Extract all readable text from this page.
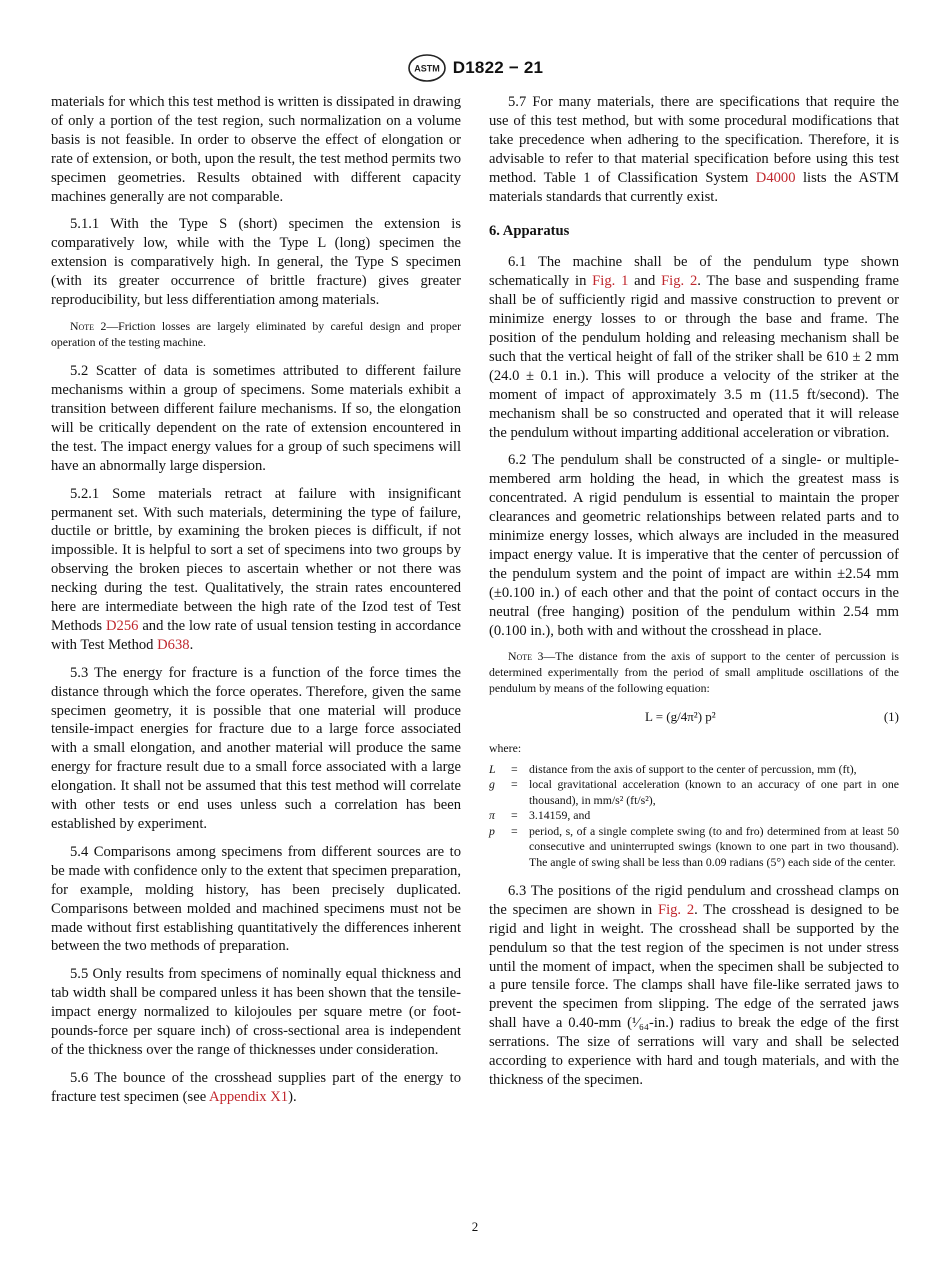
ASTM D1822 − 21

materials for which this test method is written is dissipated in drawing of only a portion of the test region, such normalization on a volume basis is not feasible. In order to observe the effect of elongation or rate of extension, or both, upon the result, the test method permits two specimen geometries. Results obtained with different capacity machines generally are not comparable.

5.1.1 With the Type S (short) specimen the extension is comparatively low, while with the Type L (long) specimen the extension is comparatively high. In general, the Type S specimen (with its greater occurrence of brittle fracture) gives greater reproducibility, but less differentiation among materials.

Note 2—Friction losses are largely eliminated by careful design and proper operation of the testing machine.

5.2 Scatter of data is sometimes attributed to different failure mechanisms within a group of specimens. Some materials exhibit a transition between different failure mechanisms. If so, the elongation will be critically dependent on the rate of extension encountered in the test. The impact energy values for a group of such specimens will have an abnormally large dispersion.

5.2.1 Some materials retract at failure with insignificant permanent set. With such materials, determining the type of failure, ductile or brittle, by examining the broken pieces is difficult, if not impossible. It is helpful to sort a set of specimens into two groups by observing the broken pieces to ascertain whether or not there was necking during the test. Qualitatively, the strain rates encountered here are intermediate between the high rate of the Izod test of Test Methods D256 and the low rate of usual tension testing in accordance with Test Method D638.

5.3 The energy for fracture is a function of the force times the distance through which the force operates. Therefore, given the same specimen geometry, it is possible that one material will produce tensile-impact energies for fracture due to a large force associated with a small elongation, and another material will produce the same energy for fracture result due to a small force associated with a large elongation. It shall not be assumed that this test method will correlate with other tests or end uses unless such a correlation has been established by experiment.

5.4 Comparisons among specimens from different sources are to be made with confidence only to the extent that specimen preparation, for example, molding history, has been precisely duplicated. Comparisons between molded and machined specimens must not be made without first establishing quantitatively the differences inherent between the two methods of preparation.

5.5 Only results from specimens of nominally equal thickness and tab width shall be compared unless it has been shown that the tensile-impact energy normalized to kilojoules per square metre (or foot-pounds-force per square inch) of cross-sectional area is independent of the thickness over the range of thicknesses under consideration.

5.6 The bounce of the crosshead supplies part of the energy to fracture test specimen (see Appendix X1).

5.7 For many materials, there are specifications that require the use of this test method, but with some procedural modifications that take precedence when adhering to the specification. Therefore, it is advisable to refer to that material specification before using this test method. Table 1 of Classification System D4000 lists the ASTM materials standards that currently exist.

6. Apparatus

6.1 The machine shall be of the pendulum type shown schematically in Fig. 1 and Fig. 2. The base and suspending frame shall be of sufficiently rigid and massive construction to prevent or minimize energy losses to or through the base and frame. The position of the pendulum holding and releasing mechanism shall be such that the vertical height of fall of the striker shall be 610 ± 2 mm (24.0 ± 0.1 in.). This will produce a velocity of the striker at the moment of impact of approximately 3.5 m (11.5 ft/second). The mechanism shall be so constructed and operated that it will release the pendulum without imparting additional acceleration or vibration.

6.2 The pendulum shall be constructed of a single- or multiple-membered arm holding the head, in which the greatest mass is concentrated. A rigid pendulum is essential to maintain the proper clearances and geometric relationships between related parts and to minimize energy losses, which always are included in the measured impact energy value. It is imperative that the center of percussion of the pendulum system and the point of impact are within ±2.54 mm (±0.100 in.) of each other and that the point of contact occurs in the neutral (free hanging) position of the pendulum within 2.54 mm (0.100 in.), both with and without the crosshead in place.

Note 3—The distance from the axis of support to the center of percussion is determined experimentally from the period of small amplitude oscillations of the pendulum by means of the following equation:
L = (g/4π²) p²	(1)
where:
L	= distance from the axis of support to the center of percussion, mm (ft),
g	= local gravitational acceleration (known to an accuracy of one part in one thousand), in mm/s² (ft/s²),
π	= 3.14159, and
p	= period, s, of a single complete swing (to and fro) determined from at least 50 consecutive and uninterrupted swings (known to one part in two thousand). The angle of swing shall be less than 0.09 radians (5°) each side of the center.

6.3 The positions of the rigid pendulum and crosshead clamps on the specimen are shown in Fig. 2. The crosshead is designed to be rigid and light in weight. The crosshead shall be supported by the pendulum so that the test region of the specimen is not under stress until the moment of impact, when the specimen shall be subjected to a pure tensile force. The clamps shall have file-like serrated jaws to prevent the specimen from slipping. The edge of the serrated jaws shall have a 0.40-mm (¹⁄₆₄-in.) radius to break the edge of the first serrations. The size of serrations will vary and shall be selected according to experience with hard and tough materials, and with the thickness of the specimen.

2
